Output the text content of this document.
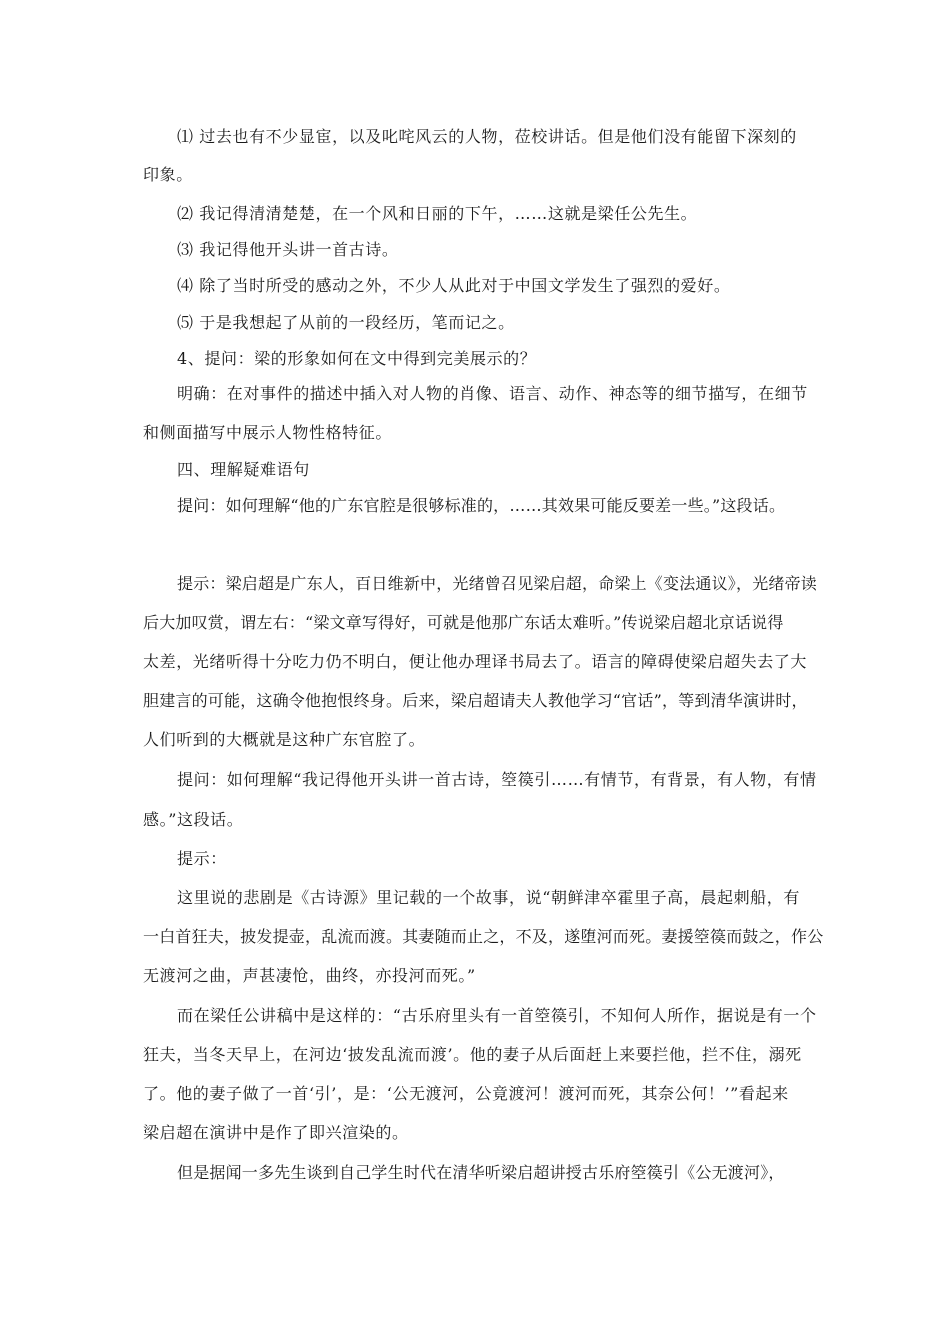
⑴ 过去也有不少显宦，以及叱咤风云的人物，莅校讲话。但是他们没有能留下深刻的
印象。
⑵ 我记得清清楚楚，在一个风和日丽的下午，……这就是梁任公先生。
⑶ 我记得他开头讲一首古诗。
⑷ 除了当时所受的感动之外，不少人从此对于中国文学发生了强烈的爱好。
⑸ 于是我想起了从前的一段经历，笔而记之。
4、提问：梁的形象如何在文中得到完美展示的？
明确：在对事件的描述中插入对人物的肖像、语言、动作、神态等的细节描写，在细节
和侧面描写中展示人物性格特征。
四、理解疑难语句
提问：如何理解“他的广东官腔是很够标准的，……其效果可能反要差一些。”这段话。
提示：梁启超是广东人，百日维新中，光绪曾召见梁启超，命梁上《变法通议》，光绪帝读
后大加叹赏，谓左右：“梁文章写得好，可就是他那广东话太难听。”传说梁启超北京话说得
太差，光绪听得十分吃力仍不明白，便让他办理译书局去了。语言的障碍使梁启超失去了大
胆建言的可能，这确令他抱恨终身。后来，梁启超请夫人教他学习“官话”，等到清华演讲时，
人们听到的大概就是这种广东官腔了。
提问：如何理解“我记得他开头讲一首古诗，箜篌引……有情节，有背景，有人物，有情
感。”这段话。
提示：
这里说的悲剧是《古诗源》里记载的一个故事，说“朝鲜津卒霍里子高，晨起刺船，有
一白首狂夫，披发提壶，乱流而渡。其妻随而止之，不及，遂堕河而死。妻援箜篌而鼓之，作公
无渡河之曲，声甚凄怆，曲终，亦投河而死。”
而在梁任公讲稿中是这样的：“古乐府里头有一首箜篌引，不知何人所作，据说是有一个
狂夫，当冬天早上，在河边‘披发乱流而渡’。他的妻子从后面赶上来要拦他，拦不住，溺死
了。他的妻子做了一首‘引’，是：‘公无渡河，公竟渡河！渡河而死，其奈公何！’”看起来
梁启超在演讲中是作了即兴渲染的。
但是据闻一多先生谈到自己学生时代在清华听梁启超讲授古乐府箜篌引《公无渡河》，
